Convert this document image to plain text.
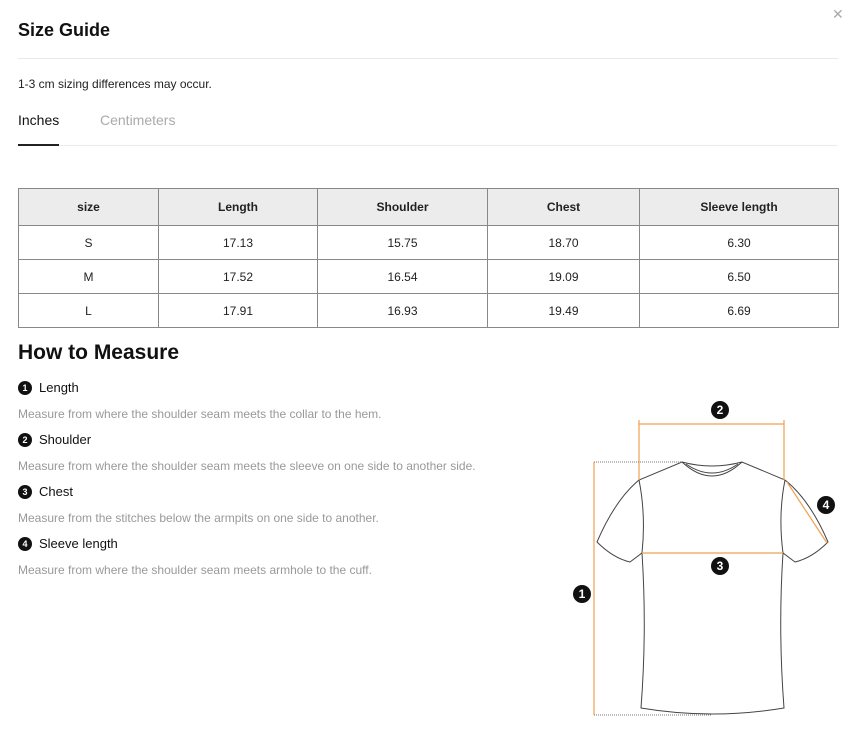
Size Guide
✕
1-3 cm sizing differences may occur.
Inches	Centimeters
size	Length	Shoulder	Chest	Sleeve length
S	17.13	15.75	18.70	6.30
M	17.52	16.54	19.09	6.50
L	17.91	16.93	19.49	6.69
How to Measure
1 Length
Measure from where the shoulder seam meets the collar to the hem.
2 Shoulder
Measure from where the shoulder seam meets the sleeve on one side to another side.
3 Chest
Measure from the stitches below the armpits on one side to another.
4 Sleeve length
Measure from where the shoulder seam meets armhole to the cuff.
2
3
4
1
